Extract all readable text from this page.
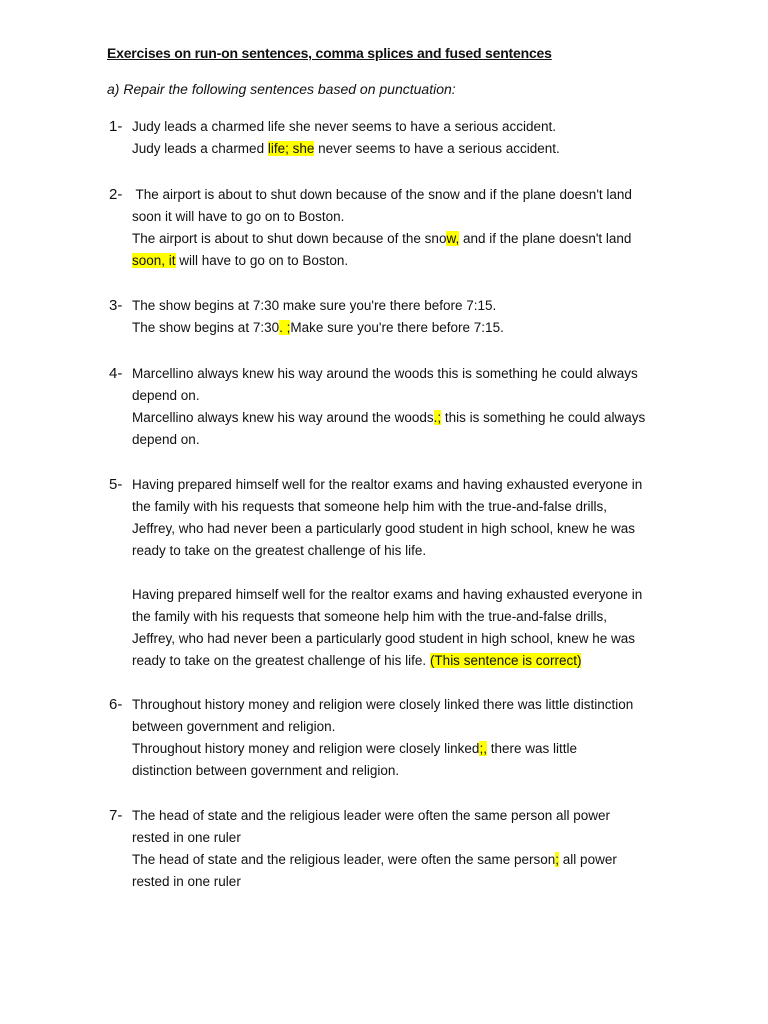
Exercises on run-on sentences, comma splices and fused sentences
a) Repair the following sentences based on punctuation:
1- Judy leads a charmed life she never seems to have a serious accident.
Judy leads a charmed life; she never seems to have a serious accident.
2- The airport is about to shut down because of the snow and if the plane doesn't land
soon it will have to go on to Boston.
The airport is about to shut down because of the snow, and if the plane doesn't land
soon, it will have to go on to Boston.
3- The show begins at 7:30 make sure you're there before 7:15.
The show begins at 7:30. ;Make sure you're there before 7:15.
4- Marcellino always knew his way around the woods this is something he could always
depend on.
Marcellino always knew his way around the woods.; this is something he could always
depend on.
5- Having prepared himself well for the realtor exams and having exhausted everyone in
the family with his requests that someone help him with the true-and-false drills,
Jeffrey, who had never been a particularly good student in high school, knew he was
ready to take on the greatest challenge of his life.
Having prepared himself well for the realtor exams and having exhausted everyone in
the family with his requests that someone help him with the true-and-false drills,
Jeffrey, who had never been a particularly good student in high school, knew he was
ready to take on the greatest challenge of his life. (This sentence is correct)
6- Throughout history money and religion were closely linked there was little distinction
between government and religion.
Throughout history money and religion were closely linked;, there was little
distinction between government and religion.
7- The head of state and the religious leader were often the same person all power
rested in one ruler
The head of state and the religious leader, were often the same person; all power
rested in one ruler
